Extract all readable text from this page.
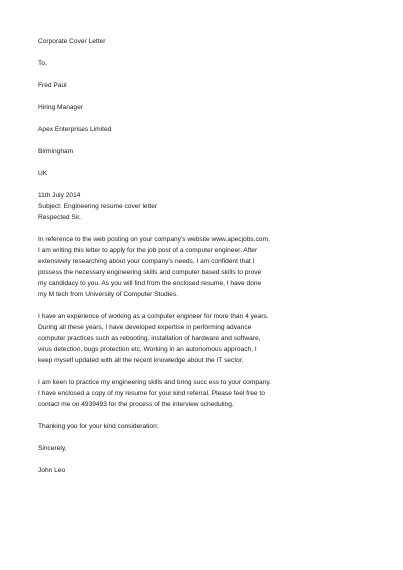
Corporate Cover Letter
To,
Fred Paul
Hiring Manager
Apex Enterprises Limited
Birmingham
UK
11th July 2014
Subject: Engineering resume cover letter
Respected Sir,
In reference to the web posting on your company's website www.apecjobs.com,
I am writing this letter to apply for the job post of a computer engineer. After
extensively researching about your company's needs, I am confident that I
possess the necessary engineering skills and computer based skills to prove
my candidacy to you. As you will find from the enclosed resume, I have done
my M tech from University of Computer Studies.
I have an experience of working as a computer engineer for more than 4 years.
During all these years, I have developed expertise in performing advance
computer practices such as rebooting, installation of hardware and software,
virus detection, bugs protection etc. Working in an autonomous approach, I
keep myself updated with all the recent knowledge about the IT sector.
I am keen to practice my engineering skills and bring succ ess to your company.
I have enclosed a copy of my resume for your kind referral. Please feel free to
contact me on 4939493 for the process of the interview scheduling.
Thanking you for your kind consideration:
Sincerely,
John Leo
